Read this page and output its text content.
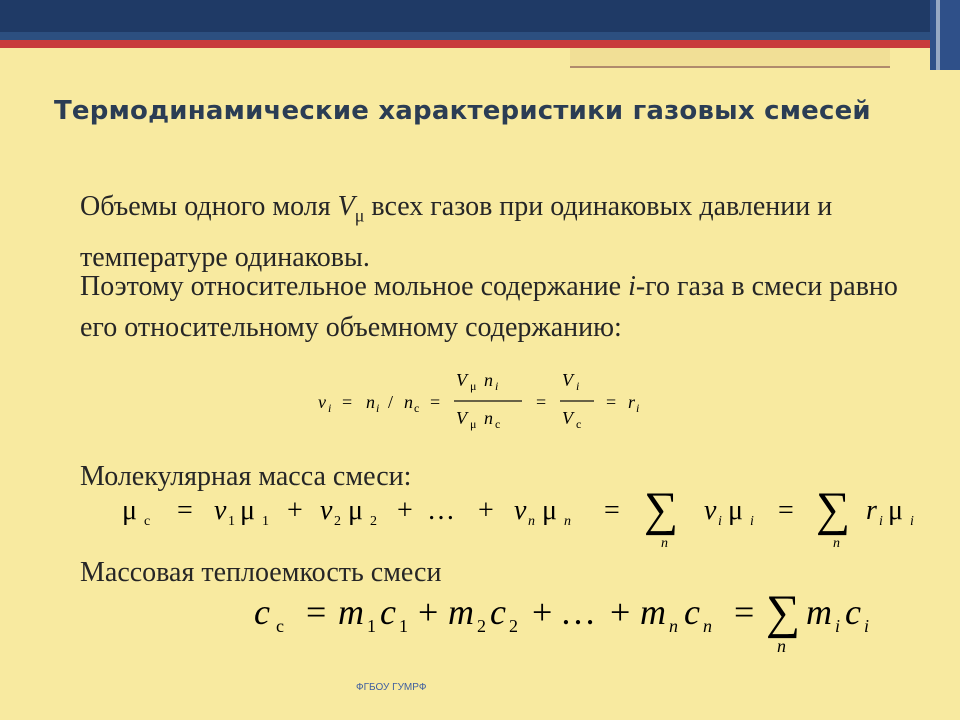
Термодинамические характеристики газовых смесей
Объемы одного моля $V_\mu$ всех газов при одинаковых давлении и температуре одинаковы.
Поэтому относительное мольное содержание i-го газа в смеси равно его относительному объемному содержанию:
v i = n i / n c =
V μ n i
V μ n c
=
V i
V c
= r i
Молекулярная масса смеси:
μ c = v 1 μ 1 + v 2 μ 2 + … + v n μ n = ∑
n
v i μ i = ∑
n
r i μ i
Массовая теплоемкость смеси
c c = m 1 c 1 + m 2 c 2 + … + m n c n = ∑
n
m i c i
ФГБОУ ГУМРФ
